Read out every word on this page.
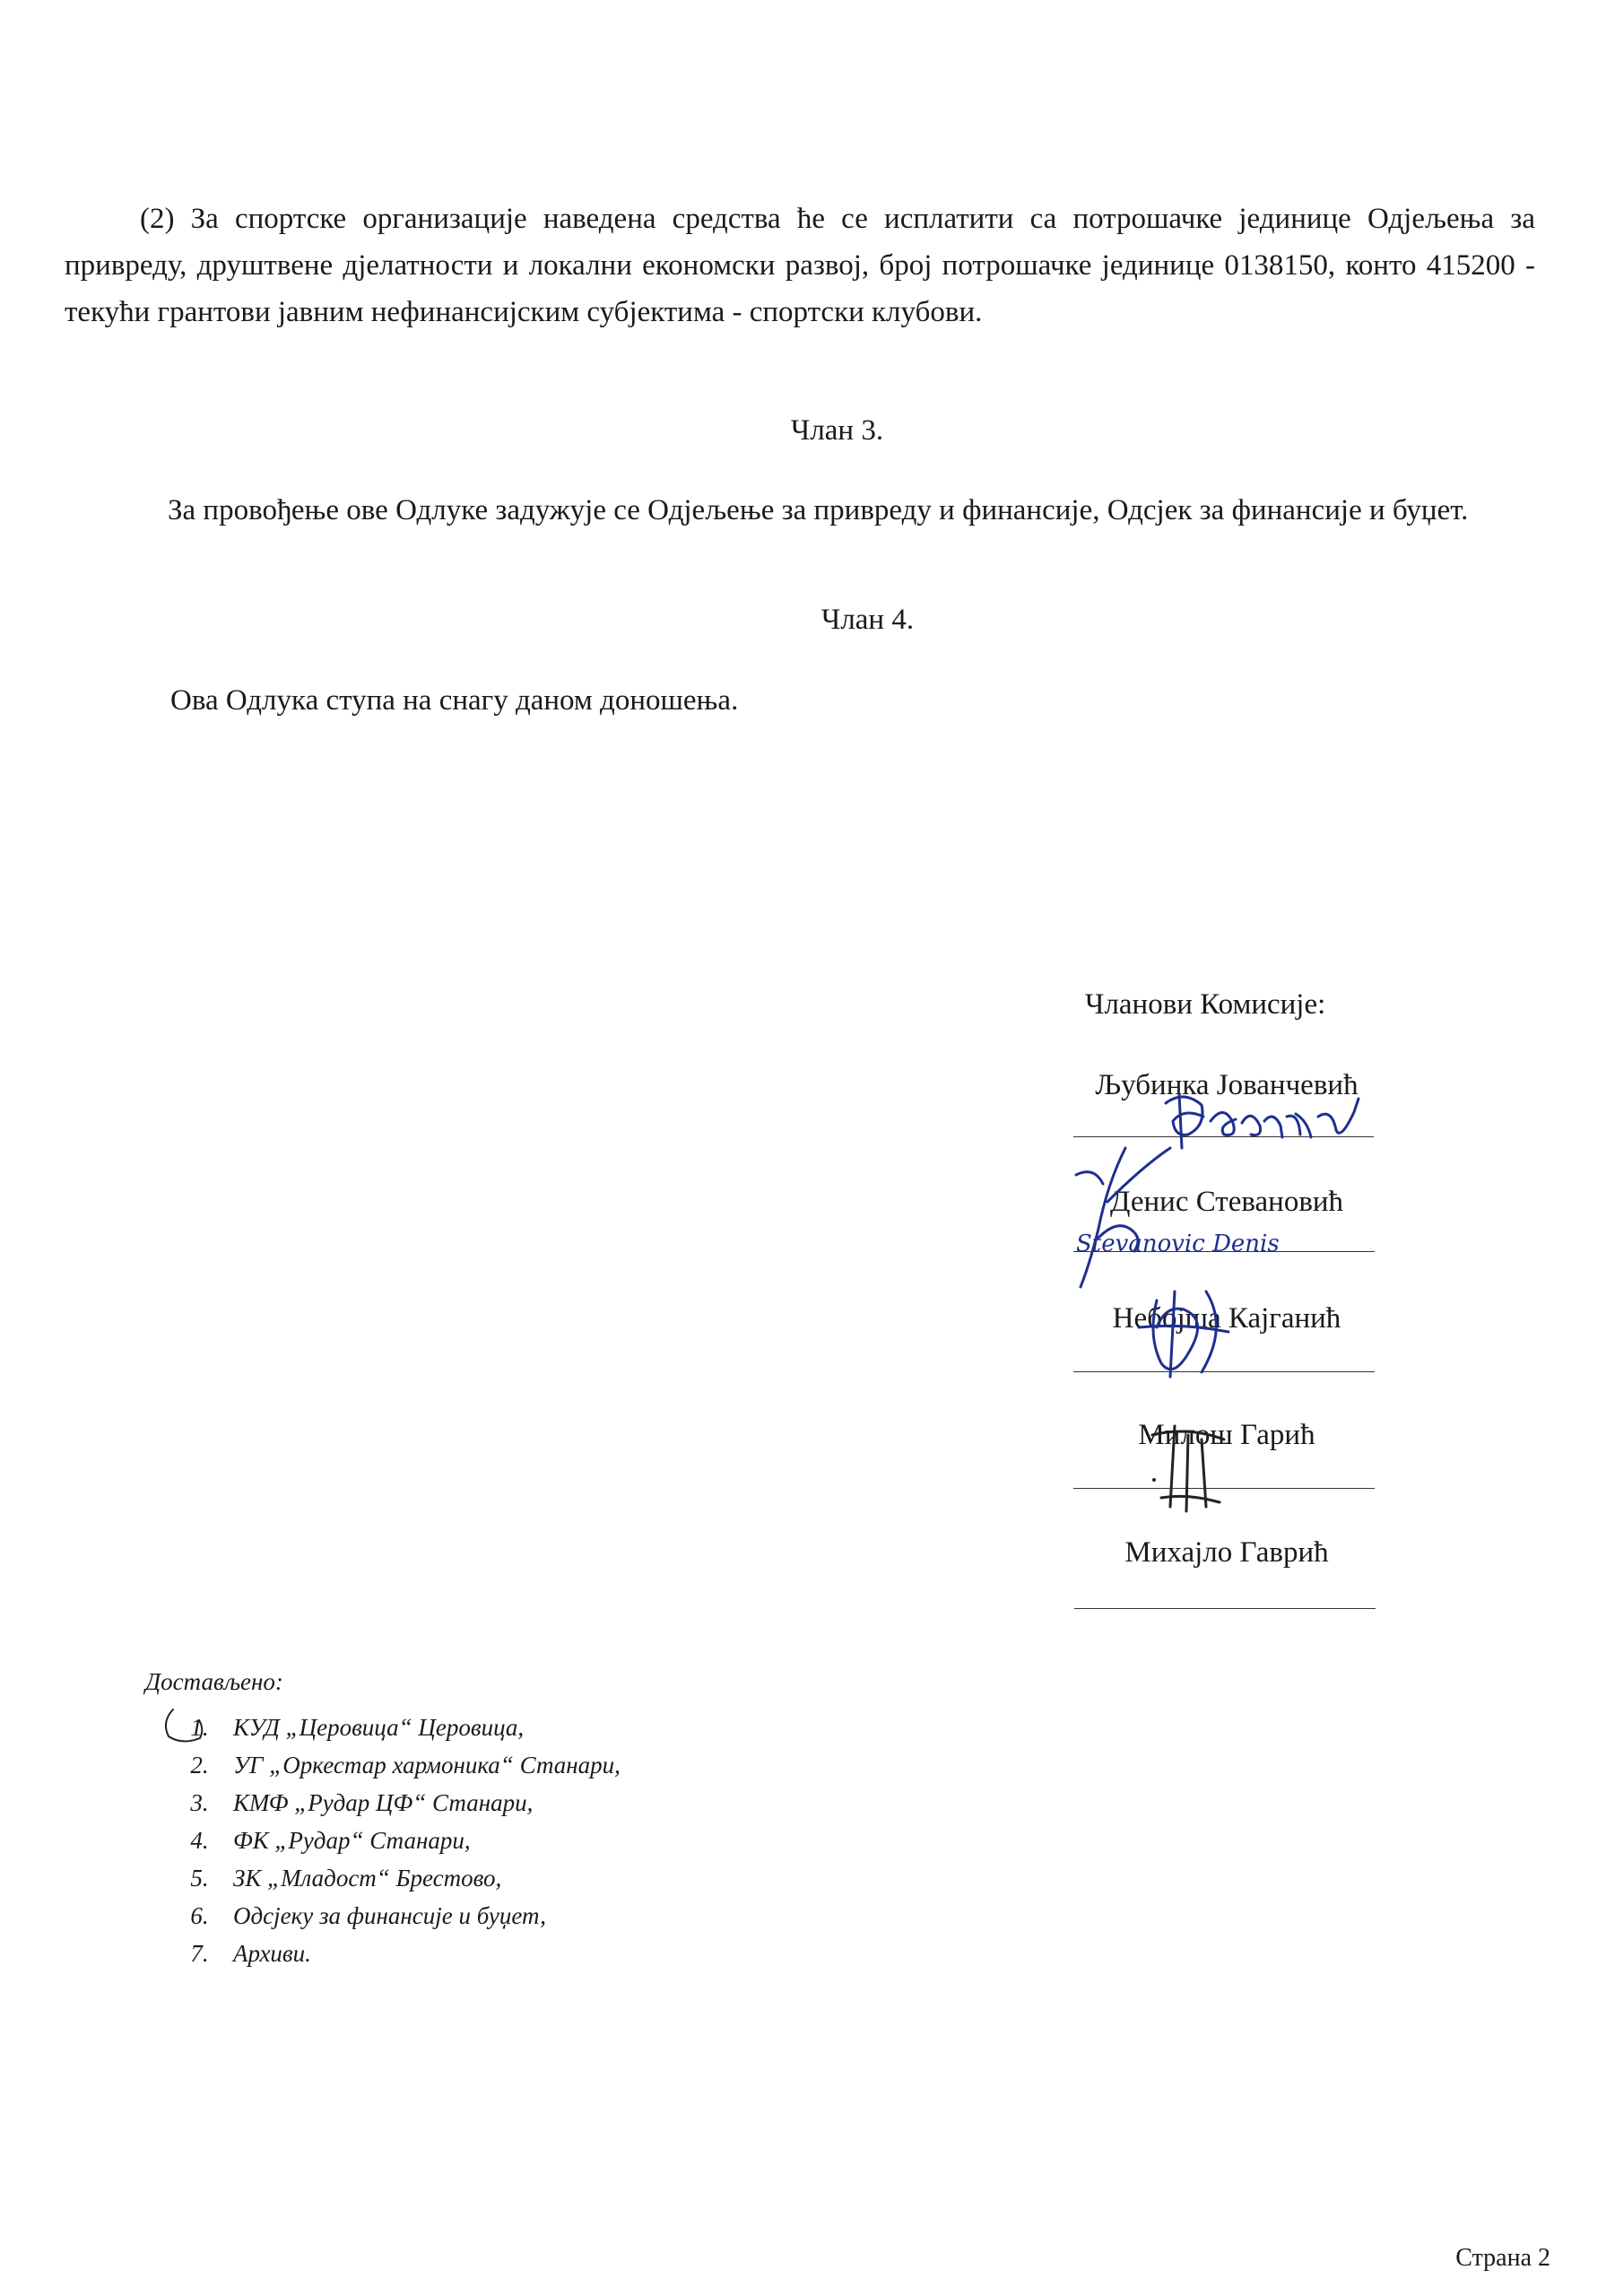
(2) За спортске организације наведена средства ће се исплатити са потрошачке јединице Одјељења за привреду, друштвене дјелатности и локални економски развој, број потрошачке јединице 0138150, конто 415200 - текући грантови јавним нефинансијским субјектима - спортски клубови.
Члан 3.
За провођење ове Одлуке задужује се Одјељење за привреду и финансије, Одсјек за финансије и буџет.
Члан 4.
Ова Одлука ступа на снагу даном доношења.
Чланови Комисије:
Љубинка Јованчевић
Денис Стевановић
Небојша Кајганић
Милош Гарић
Михајло Гаврић
Stevanovic Denis
Достављено:
1.	КУД „Церовица“ Церовица,
2.	УГ „Оркестар хармоника“ Станари,
3.	КМФ „Рудар ЦФ“ Станари,
4.	ФК „Рудар“ Станари,
5.	ЗК „Младост“ Брестово,
6.	Одсјеку за финансије и буџет,
7.	Архиви.
Страна 2
